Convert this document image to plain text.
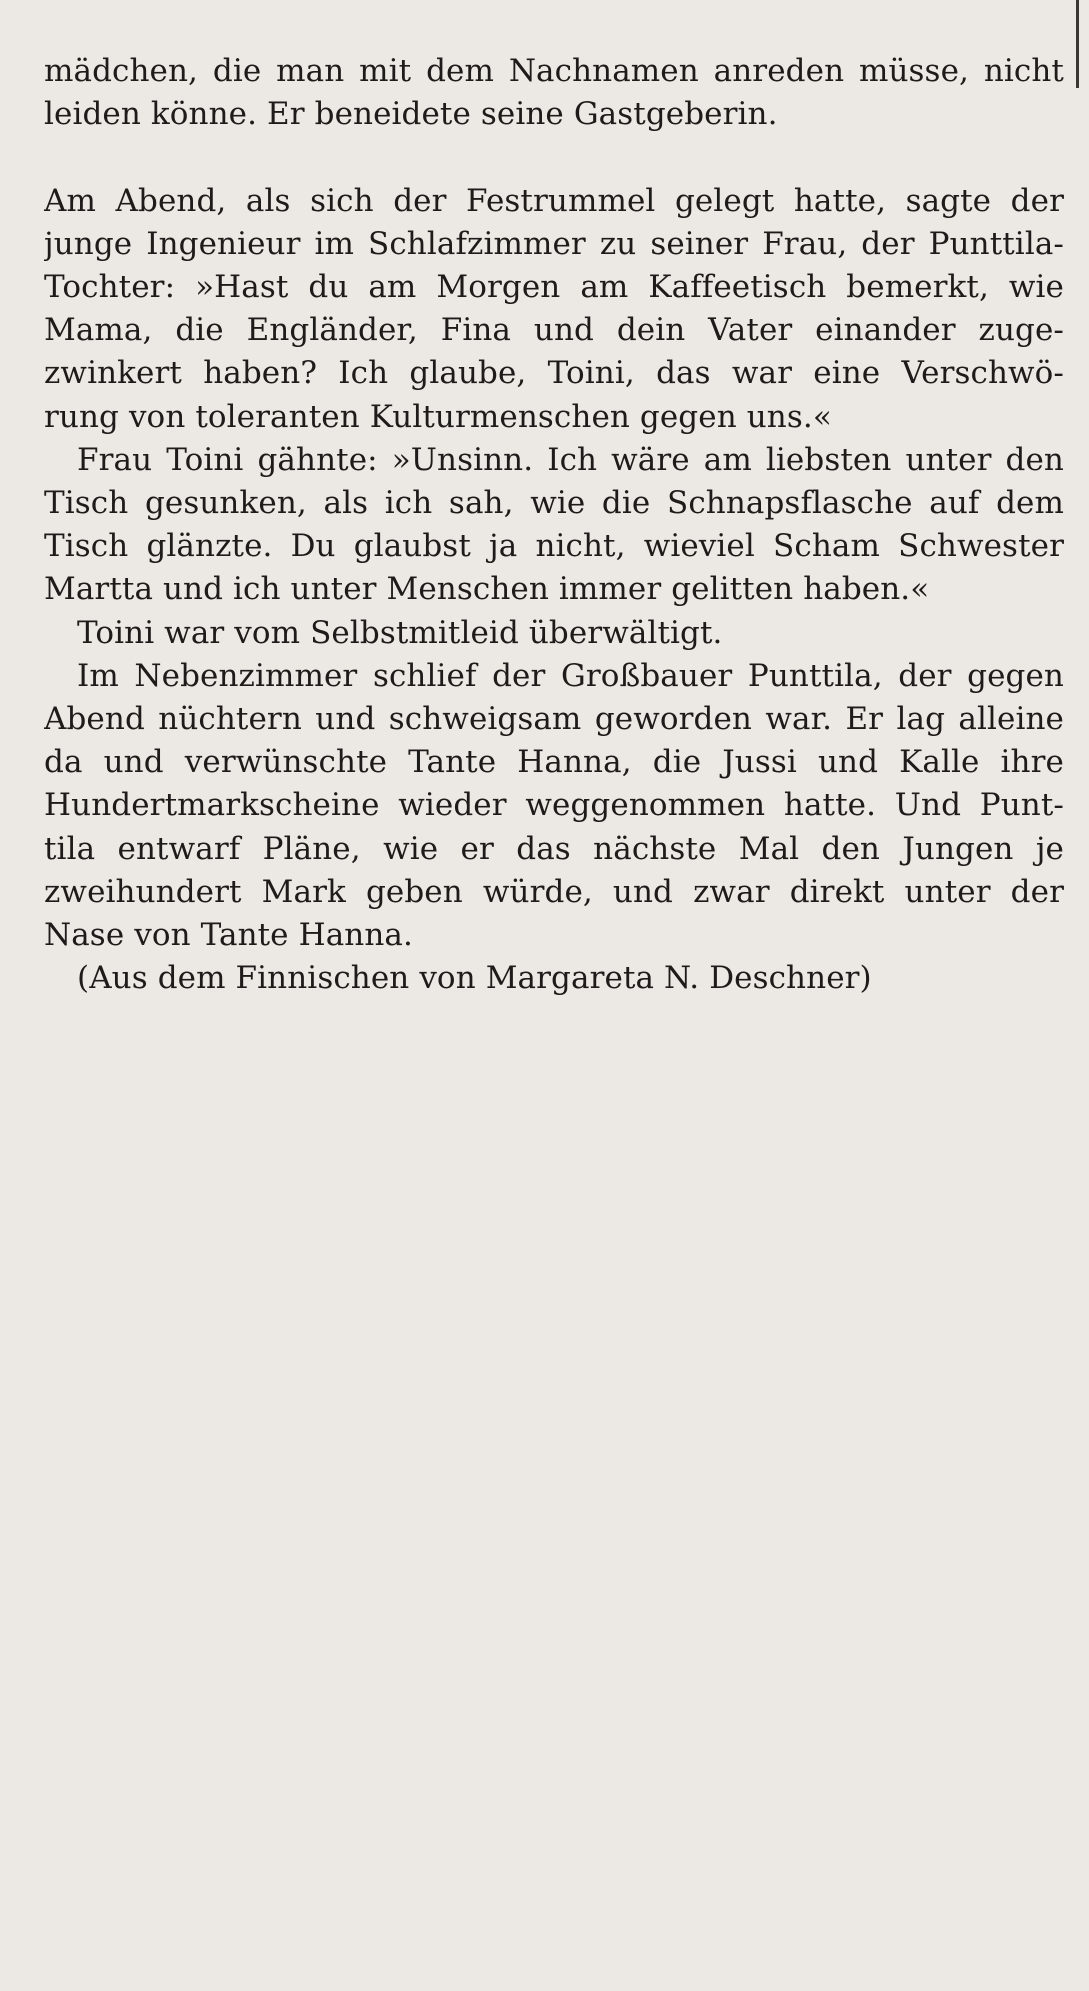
mädchen, die man mit dem Nachnamen anreden müsse, nicht
leiden könne. Er beneidete seine Gastgeberin.
Am Abend, als sich der Festrummel gelegt hatte, sagte der
junge Ingenieur im Schlafzimmer zu seiner Frau, der Punttila-
Tochter: »Hast du am Morgen am Kaffeetisch bemerkt, wie
Mama, die Engländer, Fina und dein Vater einander zuge-
zwinkert haben? Ich glaube, Toini, das war eine Verschwö-
rung von toleranten Kulturmenschen gegen uns.«
Frau Toini gähnte: »Unsinn. Ich wäre am liebsten unter den
Tisch gesunken, als ich sah, wie die Schnapsflasche auf dem
Tisch glänzte. Du glaubst ja nicht, wieviel Scham Schwester
Martta und ich unter Menschen immer gelitten haben.«
Toini war vom Selbstmitleid überwältigt.
Im Nebenzimmer schlief der Großbauer Punttila, der gegen
Abend nüchtern und schweigsam geworden war. Er lag alleine
da und verwünschte Tante Hanna, die Jussi und Kalle ihre
Hundertmarkscheine wieder weggenommen hatte. Und Punt-
tila entwarf Pläne, wie er das nächste Mal den Jungen je
zweihundert Mark geben würde, und zwar direkt unter der
Nase von Tante Hanna.
(Aus dem Finnischen von Margareta N. Deschner)
